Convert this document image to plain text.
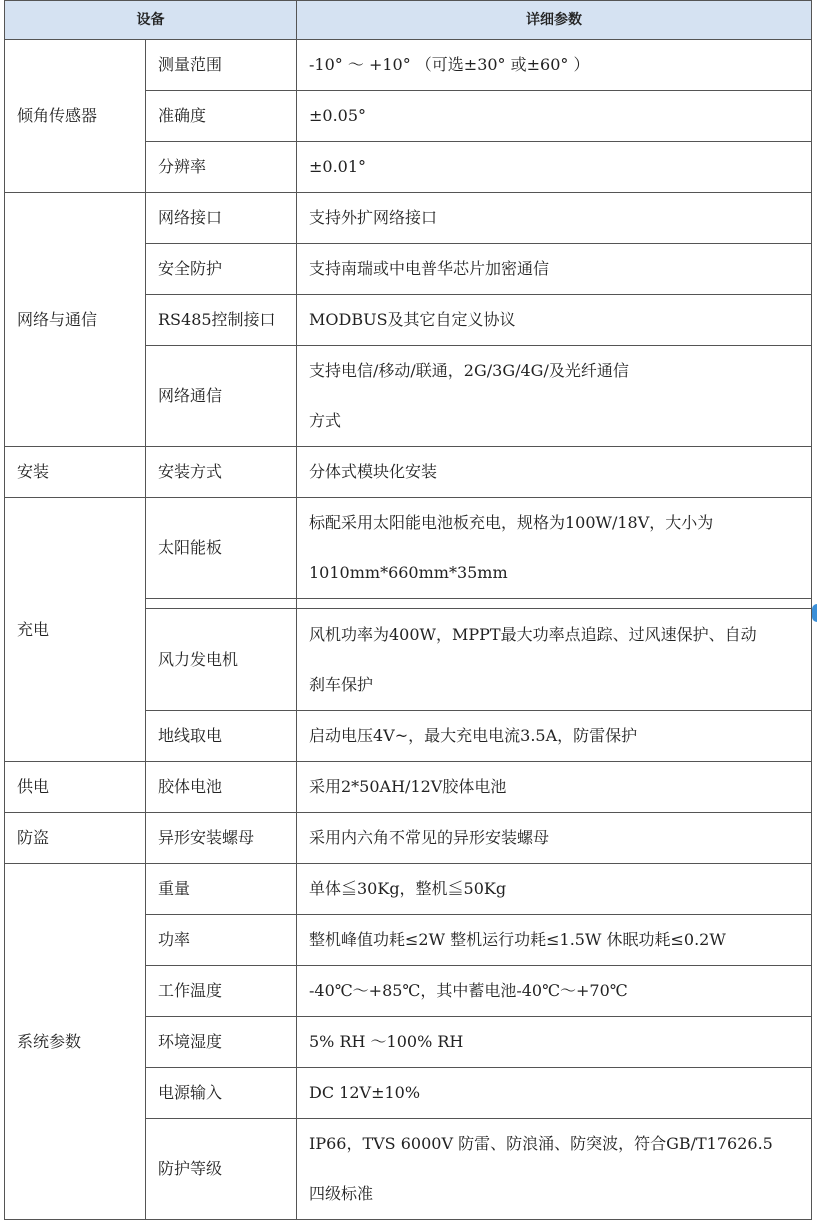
设备		详细参数
倾角传感器	测量范围	-10° ～ +10° （可选±30° 或±60° ）
	准确度	±0.05°
	分辨率	±0.01°
网络与通信	网络接口	支持外扩网络接口
	安全防护	支持南瑞或中电普华芯片加密通信
	RS485控制接口	MODBUS及其它自定义协议
	网络通信	支持电信/移动/联通，2G/3G/4G/及光纤通信
方式
安装	安装方式	分体式模块化安装
充电	太阳能板	标配采用太阳能电池板充电，规格为100W/18V，大小为
1010mm*660mm*35mm

	风力发电机	风机功率为400W，MPPT最大功率点追踪、过风速保护、自动
刹车保护
	地线取电	启动电压4V~，最大充电电流3.5A，防雷保护
供电	胶体电池	采用2*50AH/12V胶体电池
防盗	异形安装螺母	采用内六角不常见的异形安装螺母
系统参数	重量	单体≦30Kg，整机≦50Kg
	功率	整机峰值功耗≤2W 整机运行功耗≤1.5W 休眠功耗≤0.2W
	工作温度	-40℃～+85℃，其中蓄电池-40℃～+70℃
	环境湿度	5% RH ～100% RH
	电源输入	DC 12V±10%
	防护等级	IP66，TVS 6000V 防雷、防浪涌、防突波，符合GB/T17626.5
四级标准
